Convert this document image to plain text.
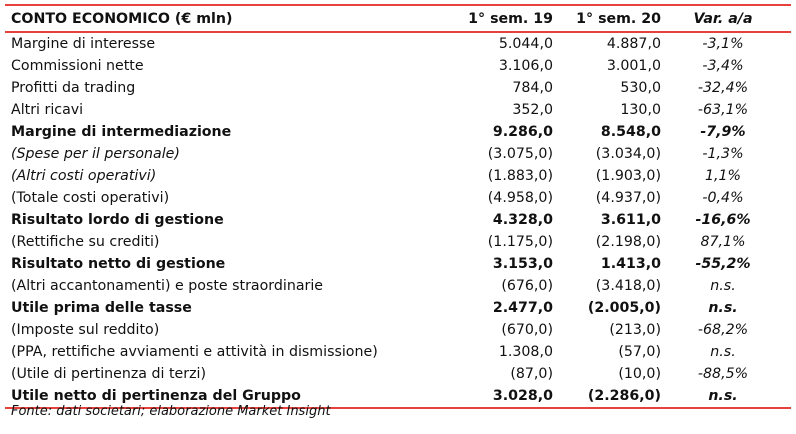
CONTO ECONOMICO (€ mln)	1° sem. 19	1° sem. 20	Var. a/a
Margine di interesse	5.044,0	4.887,0	-3,1%
Commissioni nette	3.106,0	3.001,0	-3,4%
Profitti da trading	784,0	530,0	-32,4%
Altri ricavi	352,0	130,0	-63,1%
Margine di intermediazione	9.286,0	8.548,0	-7,9%
(Spese per il personale)	(3.075,0)	(3.034,0)	-1,3%
(Altri costi operativi)	(1.883,0)	(1.903,0)	1,1%
(Totale costi operativi)	(4.958,0)	(4.937,0)	-0,4%
Risultato lordo di gestione	4.328,0	3.611,0	-16,6%
(Rettifiche su crediti)	(1.175,0)	(2.198,0)	87,1%
Risultato netto di gestione	3.153,0	1.413,0	-55,2%
(Altri accantonamenti) e poste straordinarie	(676,0)	(3.418,0)	n.s.
Utile prima delle tasse	2.477,0	(2.005,0)	n.s.
(Imposte sul reddito)	(670,0)	(213,0)	-68,2%
(PPA, rettifiche avviamenti e attività in dismissione)	1.308,0	(57,0)	n.s.
(Utile di pertinenza di terzi)	(87,0)	(10,0)	-88,5%
Utile netto di pertinenza del Gruppo	3.028,0	(2.286,0)	n.s.
Fonte: dati societari; elaborazione Market Insight
